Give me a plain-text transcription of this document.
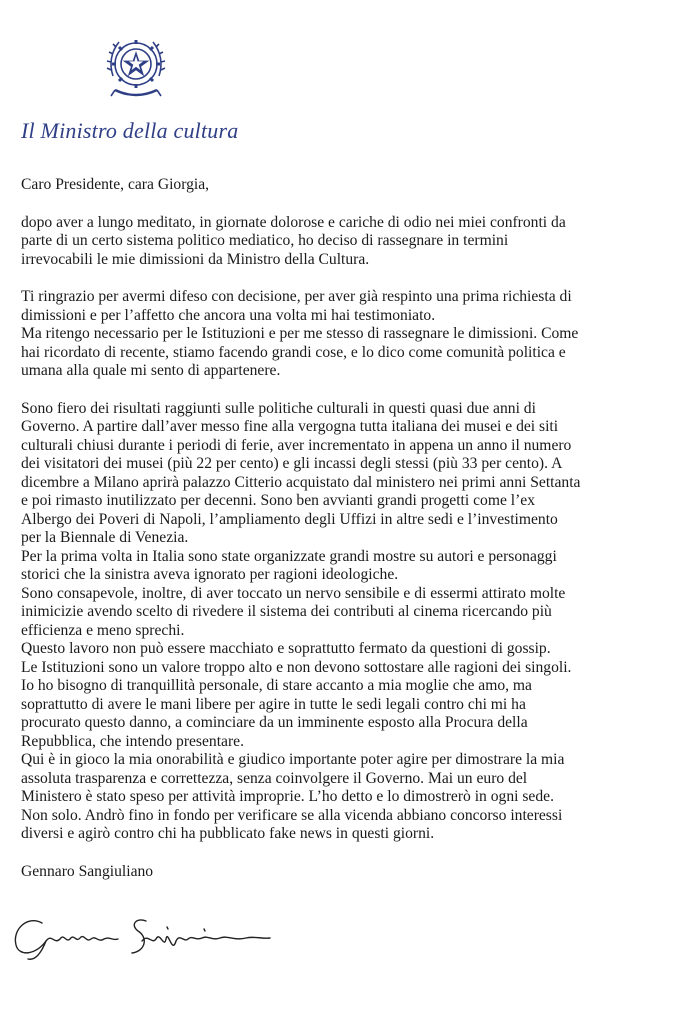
Il Ministro della cultura

Caro Presidente, cara Giorgia,

dopo aver a lungo meditato, in giornate dolorose e cariche di odio nei miei confronti da

parte di un certo sistema politico mediatico, ho deciso di rassegnare in termini

irrevocabili le mie dimissioni da Ministro della Cultura.

Ti ringrazio per avermi difeso con decisione, per aver già respinto una prima richiesta di

dimissioni e per l’affetto che ancora una volta mi hai testimoniato.

Ma ritengo necessario per le Istituzioni e per me stesso di rassegnare le dimissioni. Come

hai ricordato di recente, stiamo facendo grandi cose, e lo dico come comunità politica e

umana alla quale mi sento di appartenere.

Sono fiero dei risultati raggiunti sulle politiche culturali in questi quasi due anni di

Governo. A partire dall’aver messo fine alla vergogna tutta italiana dei musei e dei siti

culturali chiusi durante i periodi di ferie, aver incrementato in appena un anno il numero

dei visitatori dei musei (più 22 per cento) e gli incassi degli stessi (più 33 per cento). A

dicembre a Milano aprirà palazzo Citterio acquistato dal ministero nei primi anni Settanta

e poi rimasto inutilizzato per decenni. Sono ben avvianti grandi progetti come l’ex

Albergo dei Poveri di Napoli, l’ampliamento degli Uffizi in altre sedi e l’investimento

per la Biennale di Venezia.

Per la prima volta in Italia sono state organizzate grandi mostre su autori e personaggi

storici che la sinistra aveva ignorato per ragioni ideologiche.

Sono consapevole, inoltre, di aver toccato un nervo sensibile e di essermi attirato molte

inimicizie avendo scelto di rivedere il sistema dei contributi al cinema ricercando più

efficienza e meno sprechi.

Questo lavoro non può essere macchiato e soprattutto fermato da questioni di gossip.

Le Istituzioni sono un valore troppo alto e non devono sottostare alle ragioni dei singoli.

Io ho bisogno di tranquillità personale, di stare accanto a mia moglie che amo, ma

soprattutto di avere le mani libere per agire in tutte le sedi legali contro chi mi ha

procurato questo danno, a cominciare da un imminente esposto alla Procura della

Repubblica, che intendo presentare.

Qui è in gioco la mia onorabilità e giudico importante poter agire per dimostrare la mia

assoluta trasparenza e correttezza, senza coinvolgere il Governo. Mai un euro del

Ministero è stato speso per attività improprie. L’ho detto e lo dimostrerò in ogni sede.

Non solo. Andrò fino in fondo per verificare se alla vicenda abbiano concorso interessi

diversi e agirò contro chi ha pubblicato fake news in questi giorni.

Gennaro Sangiuliano
